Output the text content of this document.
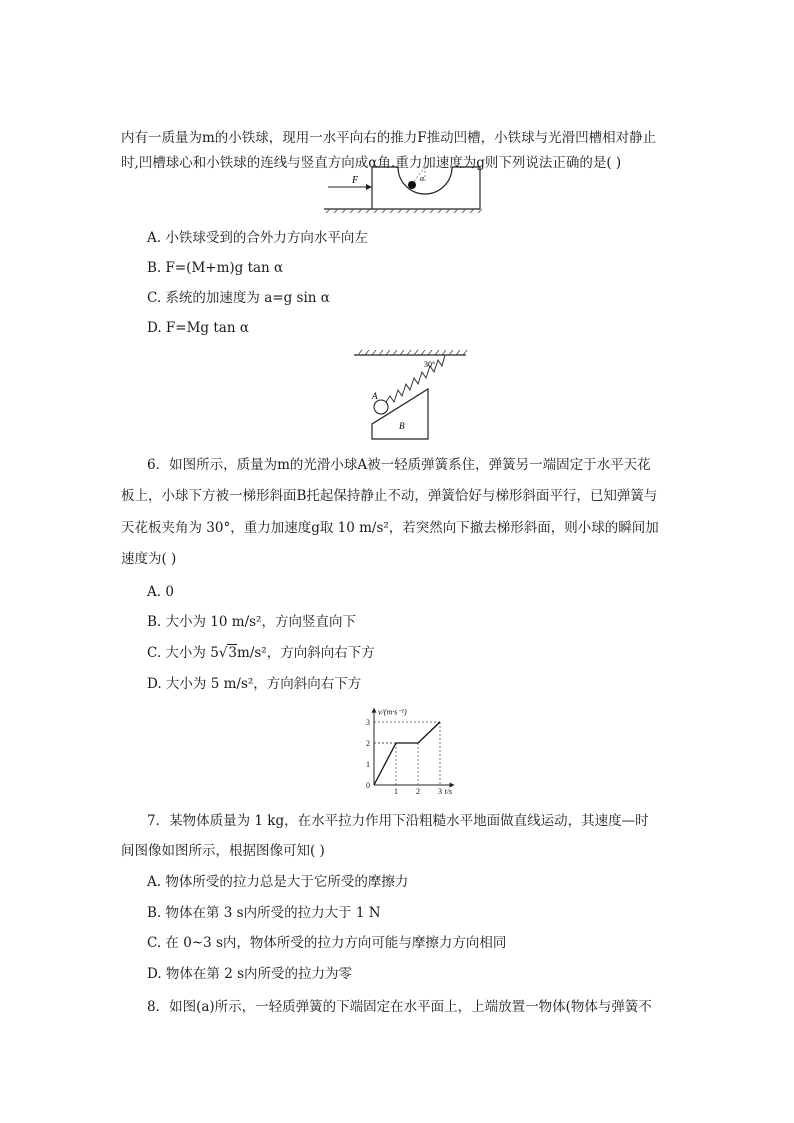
内有一质量为m的小铁球，现用一水平向右的推力F推动凹槽，小铁球与光滑凹槽相对静止
时,凹槽球心和小铁球的连线与竖直方向成α角.重力加速度为g则下列说法正确的是( )
F	α
A. 小铁球受到的合外力方向水平向左
B. F=(M+m)g tan α
C. 系统的加速度为 a=g sin α
D. F=Mg tan α
30°
A
B
6．如图所示，质量为m的光滑小球A被一轻质弹簧系住，弹簧另一端固定于水平天花
板上，小球下方被一梯形斜面B托起保持静止不动，弹簧恰好与梯形斜面平行，已知弹簧与
天花板夹角为 30°，重力加速度g取 10 m/s²，若突然向下撤去梯形斜面，则小球的瞬间加
速度为( )
A. 0
B. 大小为 10 m/s²，方向竖直向下
C. 大小为 5√3m/s²，方向斜向右下方
D. 大小为 5 m/s²，方向斜向右下方
1 2 3
1
2
3
0
t/s
v/(m·s⁻¹)
7．某物体质量为 1 kg，在水平拉力作用下沿粗糙水平地面做直线运动，其速度—时
间图像如图所示，根据图像可知( )
A. 物体所受的拉力总是大于它所受的摩擦力
B. 物体在第 3 s内所受的拉力大于 1 N
C. 在 0~3 s内，物体所受的拉力方向可能与摩擦力方向相同
D. 物体在第 2 s内所受的拉力为零
8．如图(a)所示，一轻质弹簧的下端固定在水平面上，上端放置一物体(物体与弹簧不
